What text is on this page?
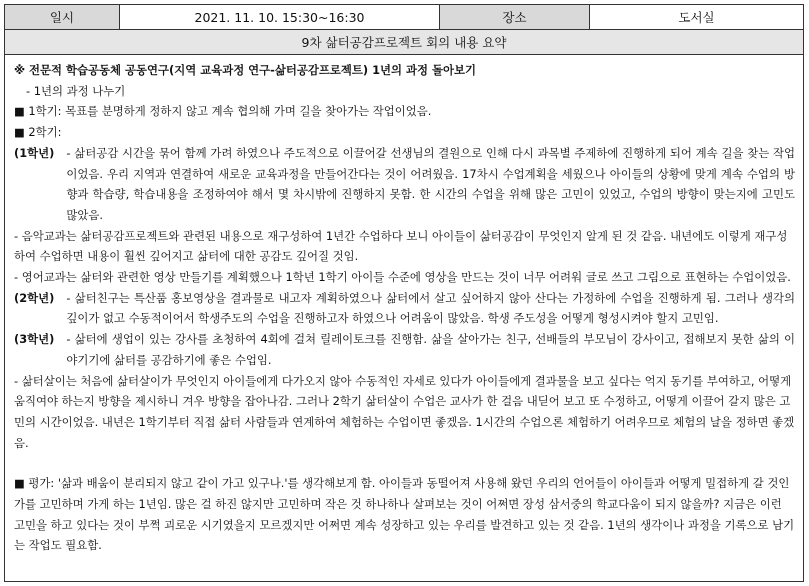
일시	2021. 11. 10. 15:30~16:30	장소	도서실
9차 삶터공감프로젝트 회의 내용 요약
※ 전문적 학습공동체 공동연구(지역 교육과정 연구-삶터공감프로젝트) 1년의 과정 돌아보기
- 1년의 과정 나누기
■ 1학기: 목표를 분명하게 정하지 않고 계속 협의해 가며 길을 찾아가는 작업이었음.
■ 2학기:
(1학년)	- 삶터공감 시간을 묶어 함께 가려 하였으나 주도적으로 이끌어갈 선생님의 결원으로 인해 다시 과목별 주제하에 진행하게 되어 계속 길을 찾는 작업이었음. 우리 지역과 연결하여 새로운 교육과정을 만들어간다는 것이 어려웠음. 17차시 수업계획을 세웠으나 아이들의 상황에 맞게 계속 수업의 방향과 학습량, 학습내용을 조정하여야 해서 몇 차시밖에 진행하지 못함. 한 시간의 수업을 위해 많은 고민이 있었고, 수업의 방향이 맞는지에 고민도 많았음.
- 음악교과는 삶터공감프로젝트와 관련된 내용으로 재구성하여 1년간 수업하다 보니 아이들이 삶터공감이 무엇인지 알게 된 것 같음. 내년에도 이렇게 재구성하여 수업하면 내용이 훨씬 깊어지고 삶터에 대한 공감도 깊어질 것임.
- 영어교과는 삶터와 관련한 영상 만들기를 계획했으나 1학년 1학기 아이들 수준에 영상을 만드는 것이 너무 어려워 글로 쓰고 그림으로 표현하는 수업이었음.
(2학년)	- 삶터친구는 특산품 홍보영상을 결과물로 내고자 계획하였으나 삶터에서 살고 싶어하지 않아 산다는 가정하에 수업을 진행하게 됨. 그러나 생각의 깊이가 없고 수동적이어서 학생주도의 수업을 진행하고자 하였으나 어려움이 많았음. 학생 주도성을 어떻게 형성시켜야 할지 고민임.
(3학년)	- 삶터에 생업이 있는 강사를 초청하여 4회에 걸쳐 릴레이토크를 진행함. 삶을 살아가는 친구, 선배들의 부모님이 강사이고, 접해보지 못한 삶의 이야기기에 삶터를 공감하기에 좋은 수업임.
- 삶터살이는 처음에 삶터살이가 무엇인지 아이들에게 다가오지 않아 수동적인 자세로 있다가 아이들에게 결과물을 보고 싶다는 억지 동기를 부여하고, 어떻게 움직여야 하는지 방향을 제시하니 겨우 방향을 잡아나감. 그러나 2학기 삶터살이 수업은 교사가 한 걸음 내딛어 보고 또 수정하고, 어떻게 이끌어 갈지 많은 고민의 시간이었음. 내년은 1학기부터 직접 삶터 사람들과 연계하여 체험하는 수업이면 좋겠음. 1시간의 수업으론 체험하기 어려우므로 체험의 날을 정하면 좋겠음.
■ 평가: '삶과 배움이 분리되지 않고 같이 가고 있구나.'를 생각해보게 함. 아이들과 동떨어져 사용해 왔던 우리의 언어들이 아이들과 어떻게 밀접하게 갈 것인가를 고민하며 가게 하는 1년임. 많은 걸 하진 않지만 고민하며 작은 것 하나하나 살펴보는 것이 어쩌면 장성 삼서중의 학교다움이 되지 않을까? 지금은 이런 고민을 하고 있다는 것이 부쩍 괴로운 시기였을지 모르겠지만 어쩌면 계속 성장하고 있는 우리를 발견하고 있는 것 같음. 1년의 생각이나 과정을 기록으로 남기는 작업도 필요함.
